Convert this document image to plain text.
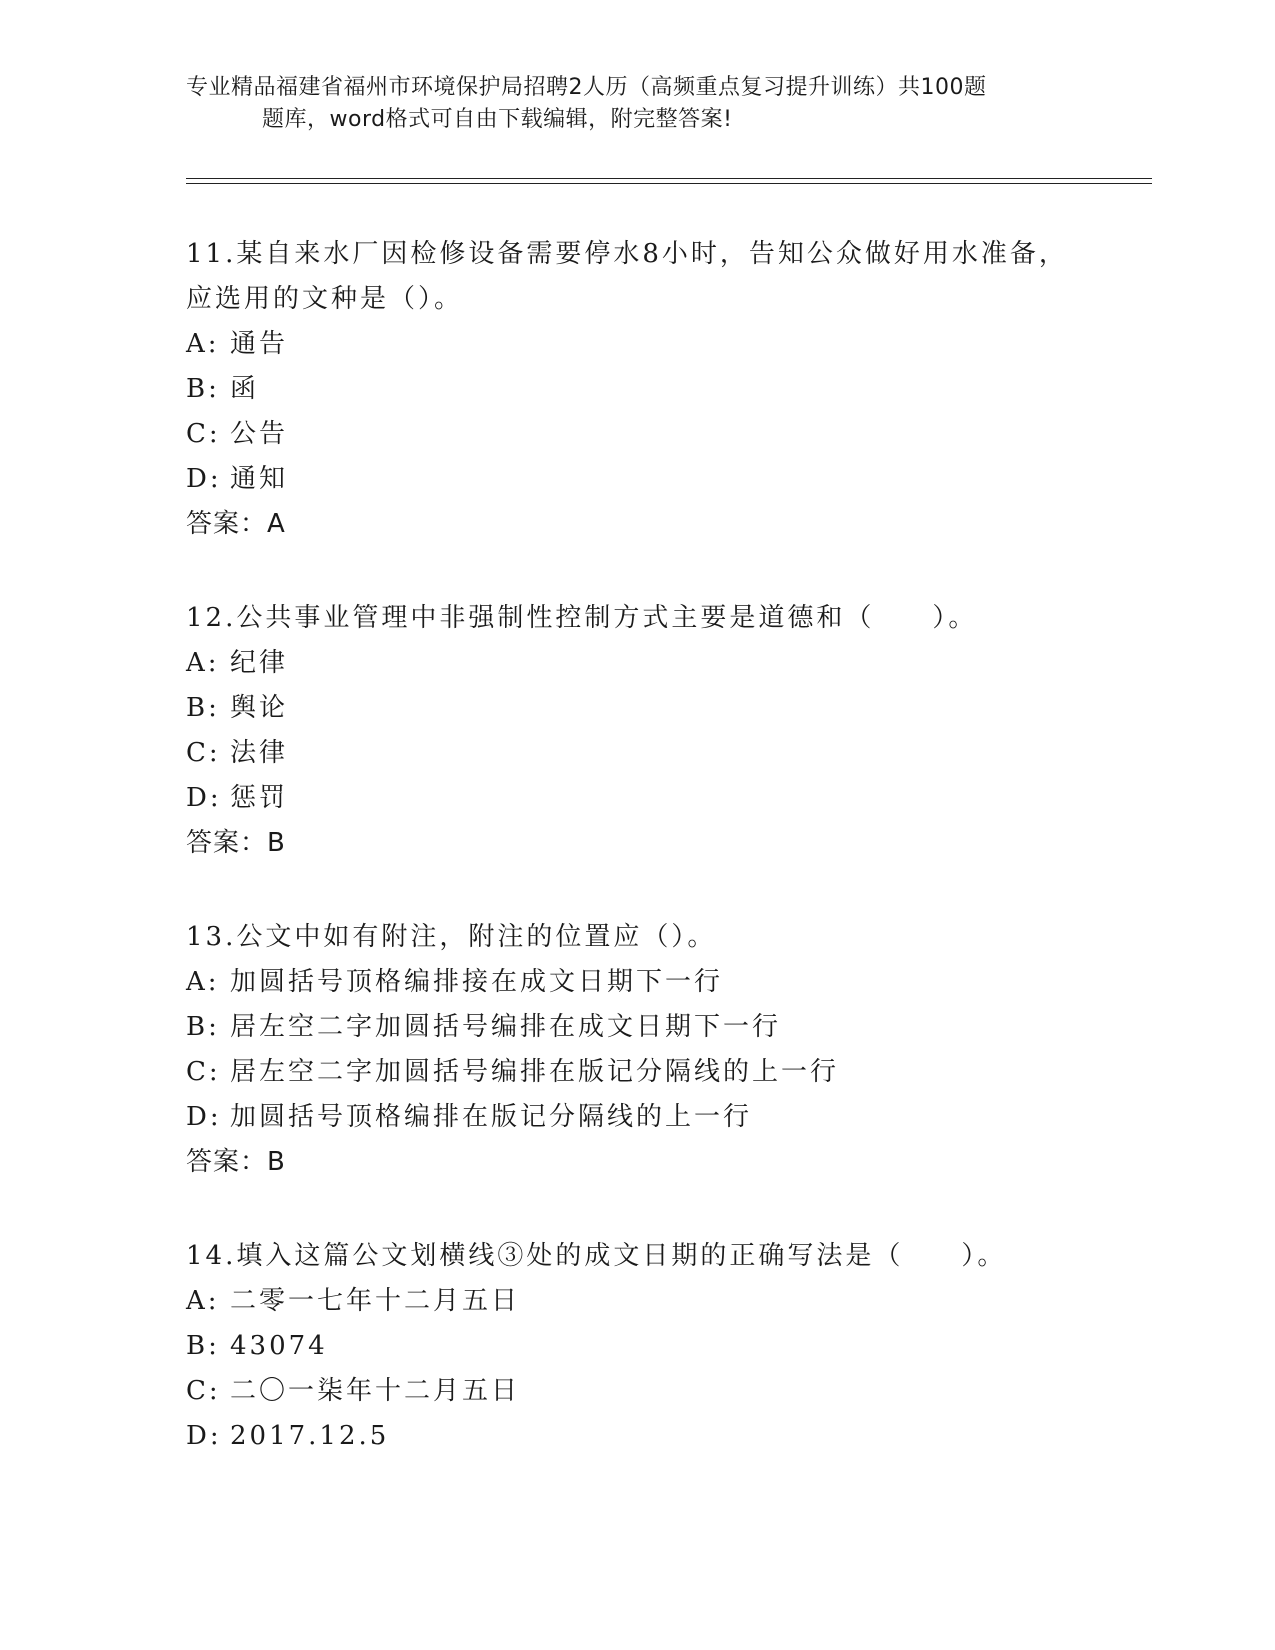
专业精品福建省福州市环境保护局招聘2人历（高频重点复习提升训练）共100题
题库，word格式可自由下载编辑，附完整答案!
11.某自来水厂因检修设备需要停水8小时，告知公众做好用水准备，
应选用的文种是（）。
A: 通告
B: 函
C: 公告
D: 通知
答案：A
12.公共事业管理中非强制性控制方式主要是道德和（　　）。
A: 纪律
B: 舆论
C: 法律
D: 惩罚
答案：B
13.公文中如有附注，附注的位置应（）。
A: 加圆括号顶格编排接在成文日期下一行
B: 居左空二字加圆括号编排在成文日期下一行
C: 居左空二字加圆括号编排在版记分隔线的上一行
D: 加圆括号顶格编排在版记分隔线的上一行
答案：B
14.填入这篇公文划横线③处的成文日期的正确写法是（　　）。
A: 二零一七年十二月五日
B: 43074
C: 二〇一柒年十二月五日
D: 2017.12.5
